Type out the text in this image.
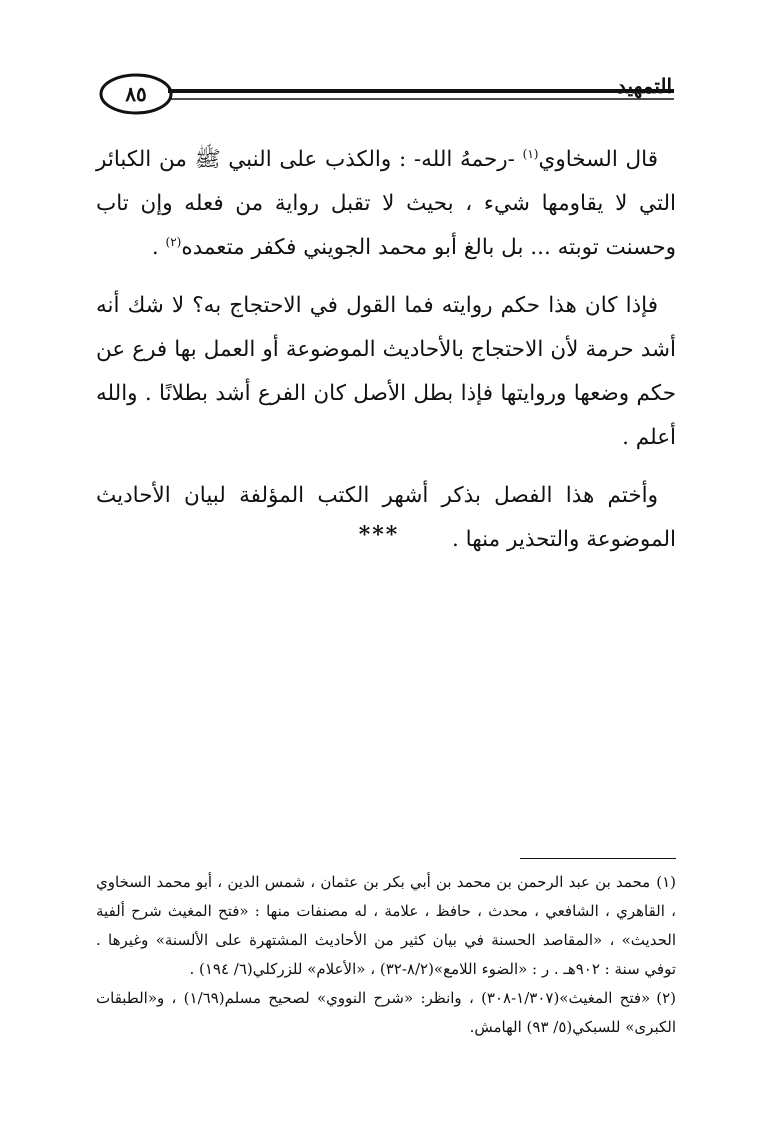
٨٥	التمهيد

قال السخاوي$^{(١)}$ -رحمهُ الله- : والكذب على النبي ﷺ من الكبائر التي لا يقاومها شيء ، بحيث لا تقبل رواية من فعله وإن تاب وحسنت توبته ... بل بالغ أبو محمد الجويني فكفر متعمده$^{(٢)}$ .

فإذا كان هذا حكم روايته فما القول في الاحتجاج به؟ لا شك أنه أشد حرمة لأن الاحتجاج بالأحاديث الموضوعة أو العمل بها فرع عن حكم وضعها وروايتها فإذا بطل الأصل كان الفرع أشد بطلانًا . والله أعلم .

وأختم هذا الفصل بذكر أشهر الكتب المؤلفة لبيان الأحاديث الموضوعة والتحذير منها .

***

(١)محمد بن عبد الرحمن بن محمد بن أبي بكر بن عثمان ، شمس الدين ، أبو محمد السخاوي ، القاهري ، الشافعي ، محدث ، حافظ ، علامة ، له مصنفات منها : «فتح المغيث شرح ألفية الحديث» ، «المقاصد الحسنة في بيان كثير من الأحاديث المشتهرة على الألسنة» وغيرها . توفي سنة : ٩٠٢هـ . ر : «الضوء اللامع»(٨/٢-٣٢) ، «الأعلام» للزركلي(٦/ ١٩٤) .

(٢)«فتح المغيث»(١/٣٠٧-٣٠٨) ، وانظر: «شرح النووي» لصحيح مسلم(١/٦٩) ، و«الطبقات الكبرى» للسبكي(٥/ ٩٣) الهامش.
